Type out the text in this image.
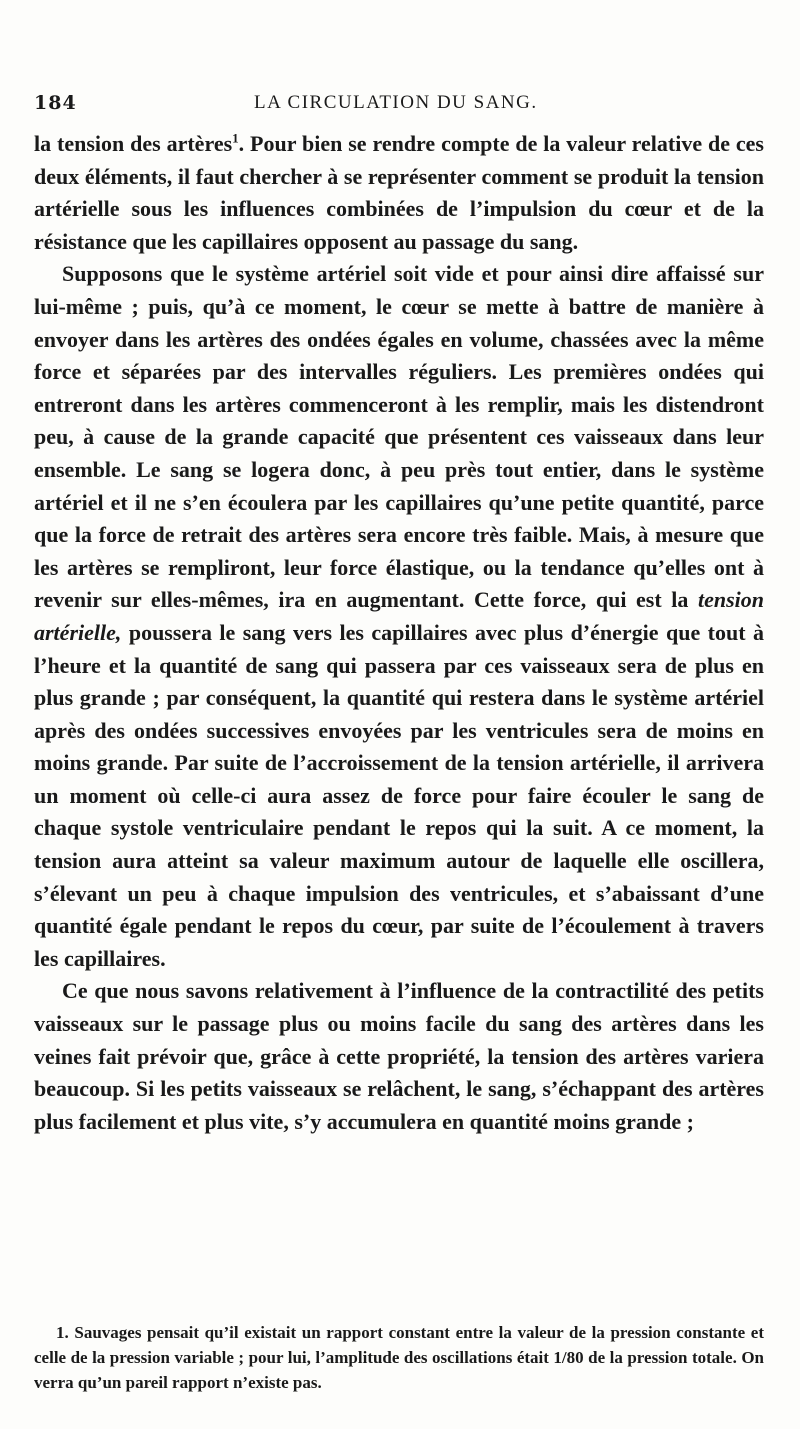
184	LA CIRCULATION DU SANG.

la tension des artères$^1$. Pour bien se rendre compte de la valeur relative de ces deux éléments, il faut chercher à se représenter comment se produit la tension artérielle sous les influences combinées de l’impulsion du cœur et de la résistance que les capillaires opposent au passage du sang.

Supposons que le système artériel soit vide et pour ainsi dire affaissé sur lui-même ; puis, qu’à ce moment, le cœur se mette à battre de manière à envoyer dans les artères des ondées égales en volume, chassées avec la même force et séparées par des intervalles réguliers. Les premières ondées qui entreront dans les artères commenceront à les remplir, mais les distendront peu, à cause de la grande capacité que présentent ces vaisseaux dans leur ensemble. Le sang se logera donc, à peu près tout entier, dans le système artériel et il ne s’en écoulera par les capillaires qu’une petite quantité, parce que la force de retrait des artères sera encore très faible. Mais, à mesure que les artères se rempliront, leur force élastique, ou la tendance qu’elles ont à revenir sur elles-mêmes, ira en augmentant. Cette force, qui est la tension artérielle, poussera le sang vers les capillaires avec plus d’énergie que tout à l’heure et la quantité de sang qui passera par ces vaisseaux sera de plus en plus grande ; par conséquent, la quantité qui restera dans le système artériel après des ondées successives envoyées par les ventricules sera de moins en moins grande. Par suite de l’accroissement de la tension artérielle, il arrivera un moment où celle-ci aura assez de force pour faire écouler le sang de chaque systole ventriculaire pendant le repos qui la suit. A ce moment, la tension aura atteint sa valeur maximum autour de laquelle elle oscillera, s’élevant un peu à chaque impulsion des ventricules, et s’abaissant d’une quantité égale pendant le repos du cœur, par suite de l’écoulement à travers les capillaires.

Ce que nous savons relativement à l’influence de la contractilité des petits vaisseaux sur le passage plus ou moins facile du sang des artères dans les veines fait prévoir que, grâce à cette propriété, la tension des artères variera beaucoup. Si les petits vaisseaux se relâchent, le sang, s’échappant des artères plus facilement et plus vite, s’y accumulera en quantité moins grande ;

1. Sauvages pensait qu’il existait un rapport constant entre la valeur de la pression constante et celle de la pression variable ; pour lui, l’amplitude des oscillations était 1/80 de la pression totale. On verra qu’un pareil rapport n’existe pas.
